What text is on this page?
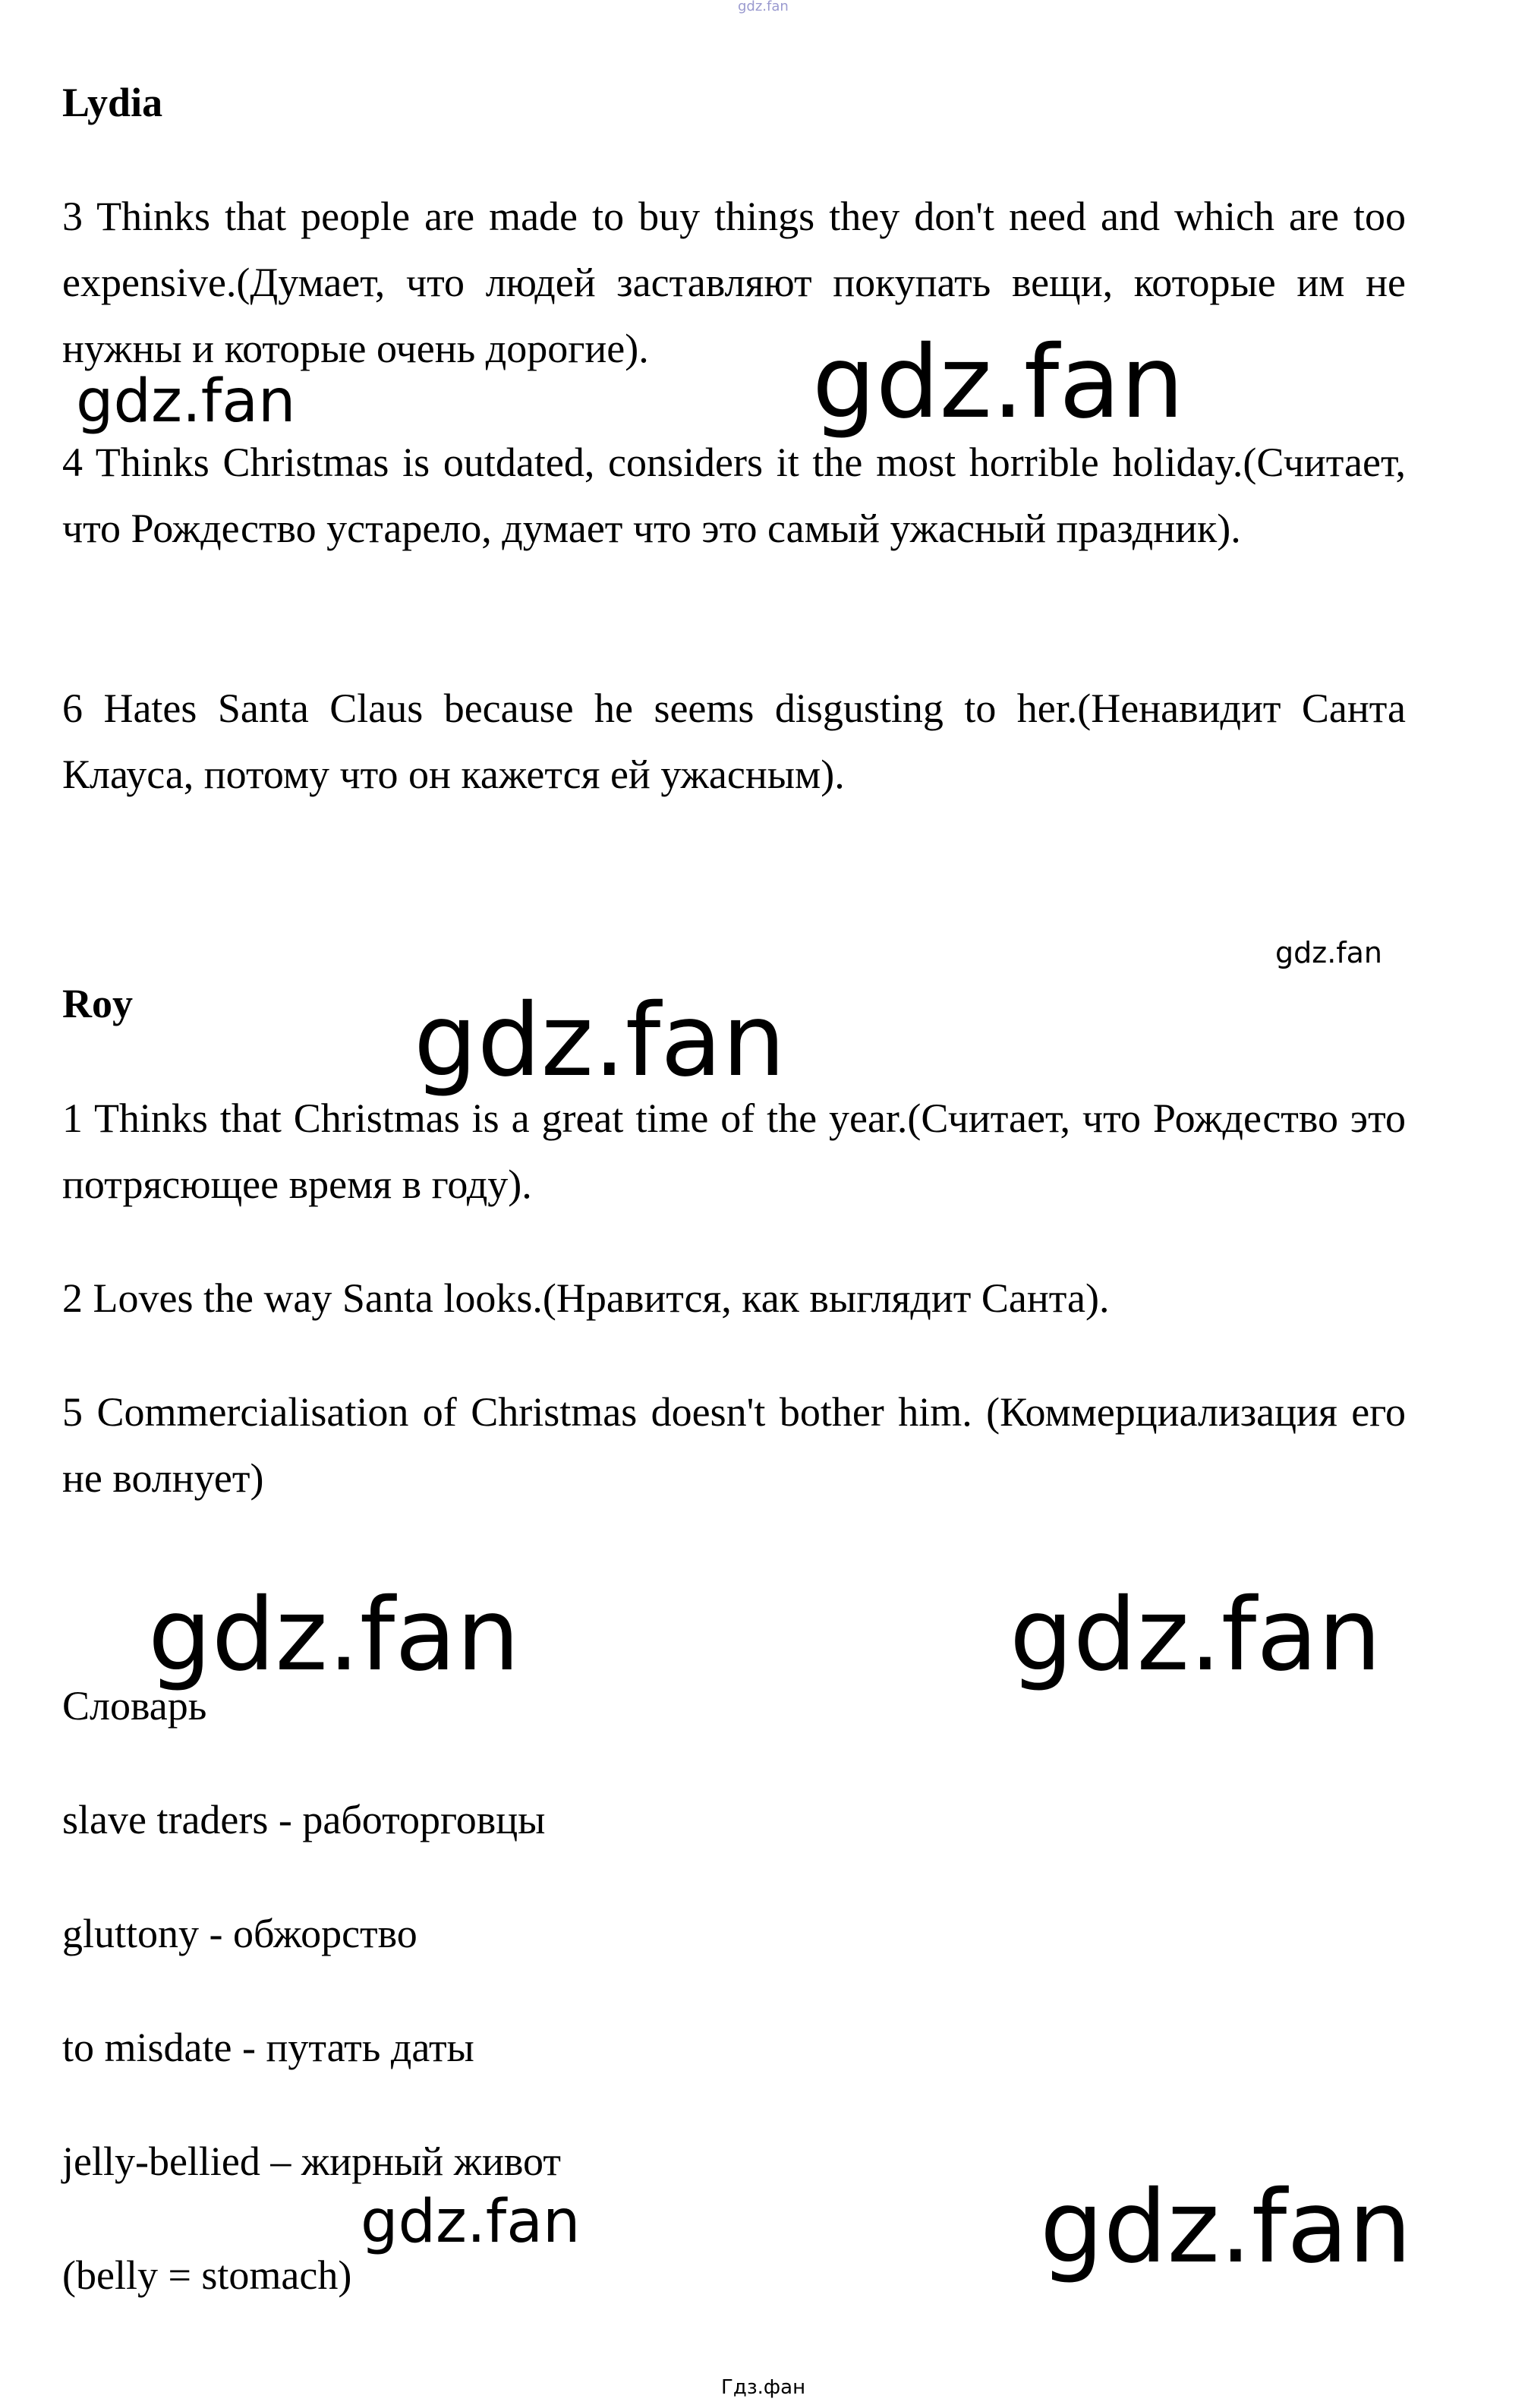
gdz.fan
Lydia
3 Thinks that people are made to buy things they don't need and which are too expensive.(Думает, что людей заставляют покупать вещи, которые им не нужны и которые очень дорогие).
4 Thinks Christmas is outdated, considers it the most horrible holiday.(Считает, что Рождество устарело, думает что это самый ужасный праздник).
6 Hates Santa Claus because he seems disgusting to her.(Ненавидит Санта Клауса, потому что он кажется ей ужасным).
Roy
1 Thinks that Christmas is a great time of the year.(Считает, что Рождество это потрясющее время в году).
2 Loves the way Santa looks.(Нравится, как выглядит Санта).
5 Commercialisation of Christmas doesn't bother him. (Коммерциализация его не волнует)
Словарь
slave traders - работорговцы
gluttony - обжорство
to misdate - путать даты
jelly-bellied – жирный живот
(belly = stomach)
gdz.fan	gdz.fan
gdz.fan
gdz.fan
gdz.fan	gdz.fan
gdz.fan	gdz.fan
Гдз.фан
